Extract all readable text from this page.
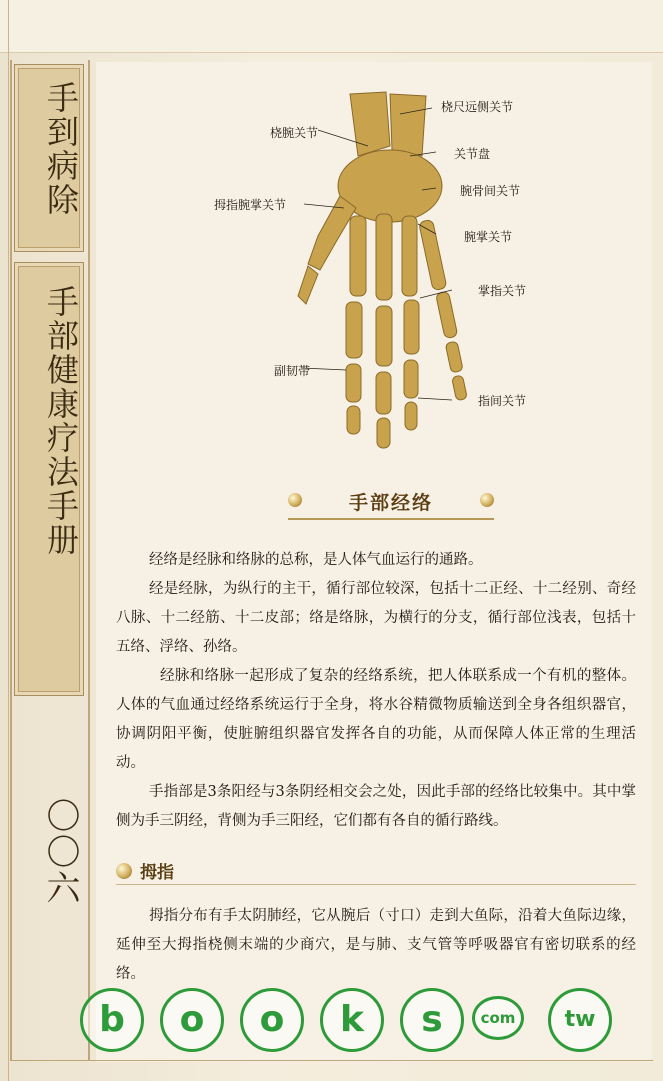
手到病除
手部健康疗法手册
〇〇六
桡尺远侧关节
桡腕关节
关节盘
腕骨间关节
拇指腕掌关节
腕掌关节
掌指关节
副韧带
指间关节
手部经络
经络是经脉和络脉的总称，是人体气血运行的通路。
经是经脉，为纵行的主干，循行部位较深，包括十二正经、十二经别、奇经八脉、十二经筋、十二皮部；络是络脉，为横行的分支，循行部位浅表，包括十五络、浮络、孙络。
经脉和络脉一起形成了复杂的经络系统，把人体联系成一个有机的整体。人体的气血通过经络系统运行于全身，将水谷精微物质输送到全身各组织器官，协调阴阳平衡，使脏腑组织器官发挥各自的功能，从而保障人体正常的生理活动。
手指部是3条阳经与3条阴经相交会之处，因此手部的经络比较集中。其中掌侧为手三阴经，背侧为手三阳经，它们都有各自的循行路线。
拇指
拇指分布有手太阴肺经，它从腕后（寸口）走到大鱼际，沿着大鱼际边缘，延伸至大拇指桡侧末端的少商穴，是与肺、支气管等呼吸器官有密切联系的经络。
b	o	o	k	s	com	tw
